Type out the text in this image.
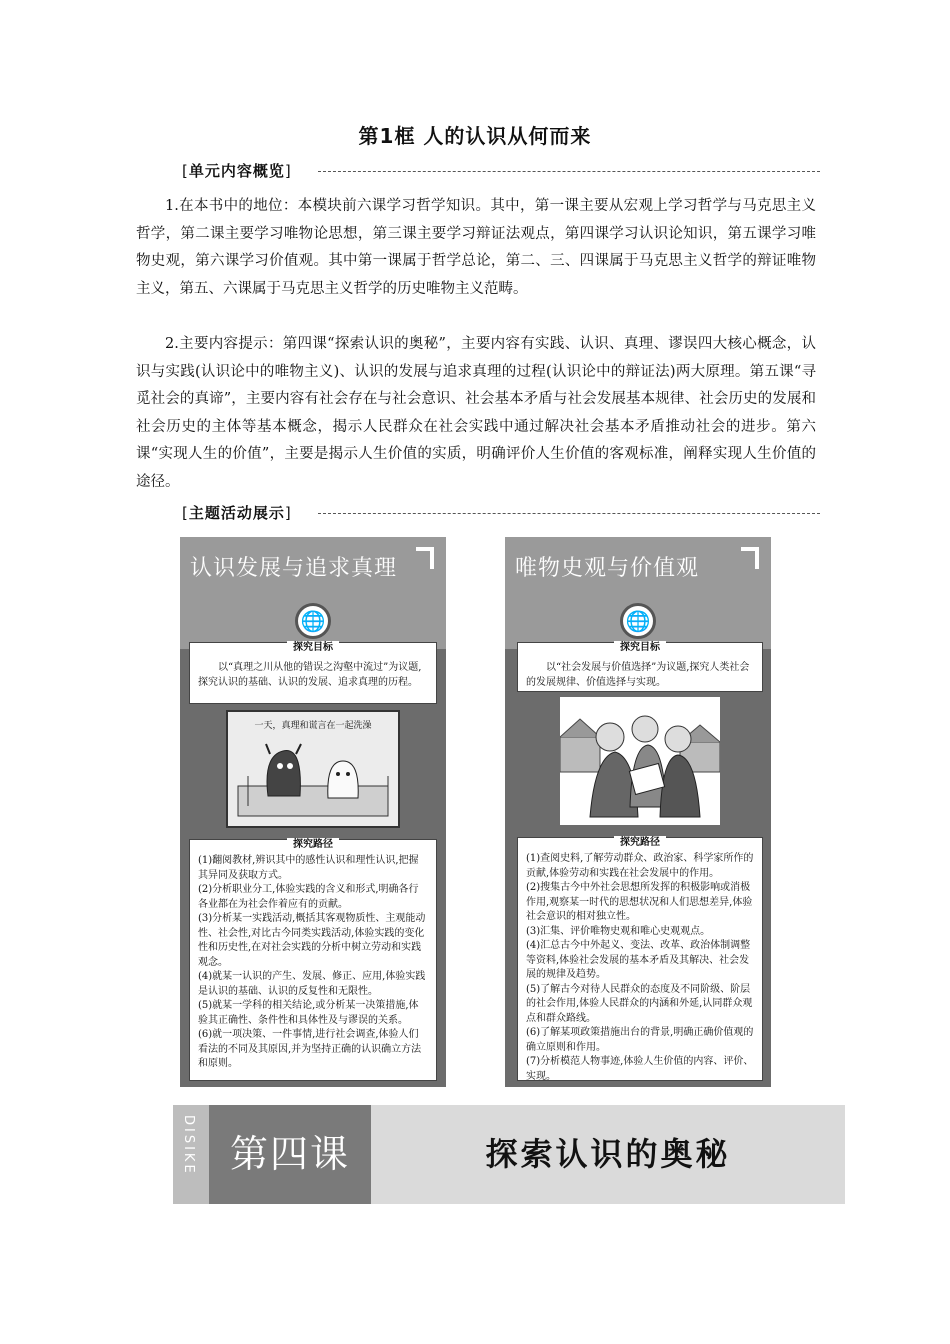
第1框 人的认识从何而来
[ 单元内容概览 ]
1.在本书中的地位：本模块前六课学习哲学知识。其中，第一课主要从宏观上学习哲学与马克思主义哲学，第二课主要学习唯物论思想，第三课主要学习辩证法观点，第四课学习认识论知识，第五课学习唯物史观，第六课学习价值观。其中第一课属于哲学总论，第二、三、四课属于马克思主义哲学的辩证唯物主义，第五、六课属于马克思主义哲学的历史唯物主义范畴。
2.主要内容提示：第四课“探索认识的奥秘”，主要内容有实践、认识、真理、谬误四大核心概念，认识与实践(认识论中的唯物主义)、认识的发展与追求真理的过程(认识论中的辩证法)两大原理。第五课“寻觅社会的真谛”，主要内容有社会存在与社会意识、社会基本矛盾与社会发展基本规律、社会历史的发展和社会历史的主体等基本概念，揭示人民群众在社会实践中通过解决社会基本矛盾推动社会的进步。第六课“实现人生的价值”，主要是揭示人生价值的实质，明确评价人生价值的客观标准，阐释实现人生价值的途径。
[ 主题活动展示 ]
认识发展与追求真理
🌐
探究目标

以“真理之川从他的错误之沟壑中流过”为议题,探究认识的基础、认识的发展、追求真理的历程。

一天，真理和谎言在一起洗澡
探究路径

(1)翻阅教材,辨识其中的感性认识和理性认识,把握其异同及获取方式。

(2)分析职业分工,体验实践的含义和形式,明确各行各业都在为社会作着应有的贡献。

(3)分析某一实践活动,概括其客观物质性、主观能动性、社会性,对比古今同类实践活动,体验实践的变化性和历史性,在对社会实践的分析中树立劳动和实践观念。

(4)就某一认识的产生、发展、修正、应用,体验实践是认识的基础、认识的反复性和无限性。

(5)就某一学科的相关结论,或分析某一决策措施,体验其正确性、条件性和具体性及与谬误的关系。

(6)就一项决策、一件事情,进行社会调查,体验人们看法的不同及其原因,并为坚持正确的认识确立方法和原则。

唯物史观与价值观
🌐
探究目标

以“社会发展与价值选择”为议题,探究人类社会的发展规律、价值选择与实现。

探究路径

(1)查阅史料,了解劳动群众、政治家、科学家所作的贡献,体验劳动和实践在社会发展中的作用。

(2)搜集古今中外社会思想所发挥的积极影响或消极作用,观察某一时代的思想状况和人们思想差异,体验社会意识的相对独立性。

(3)汇集、评价唯物史观和唯心史观观点。

(4)汇总古今中外起义、变法、改革、政治体制调整等资料,体验社会发展的基本矛盾及其解决、社会发展的规律及趋势。

(5)了解古今对待人民群众的态度及不同阶级、阶层的社会作用,体验人民群众的内涵和外延,认同群众观点和群众路线。

(6)了解某项政策措施出台的背景,明确正确价值观的确立原则和作用。

(7)分析模范人物事迹,体验人生价值的内容、评价、实现。

DISIKE 第四课	探索认识的奥秘
